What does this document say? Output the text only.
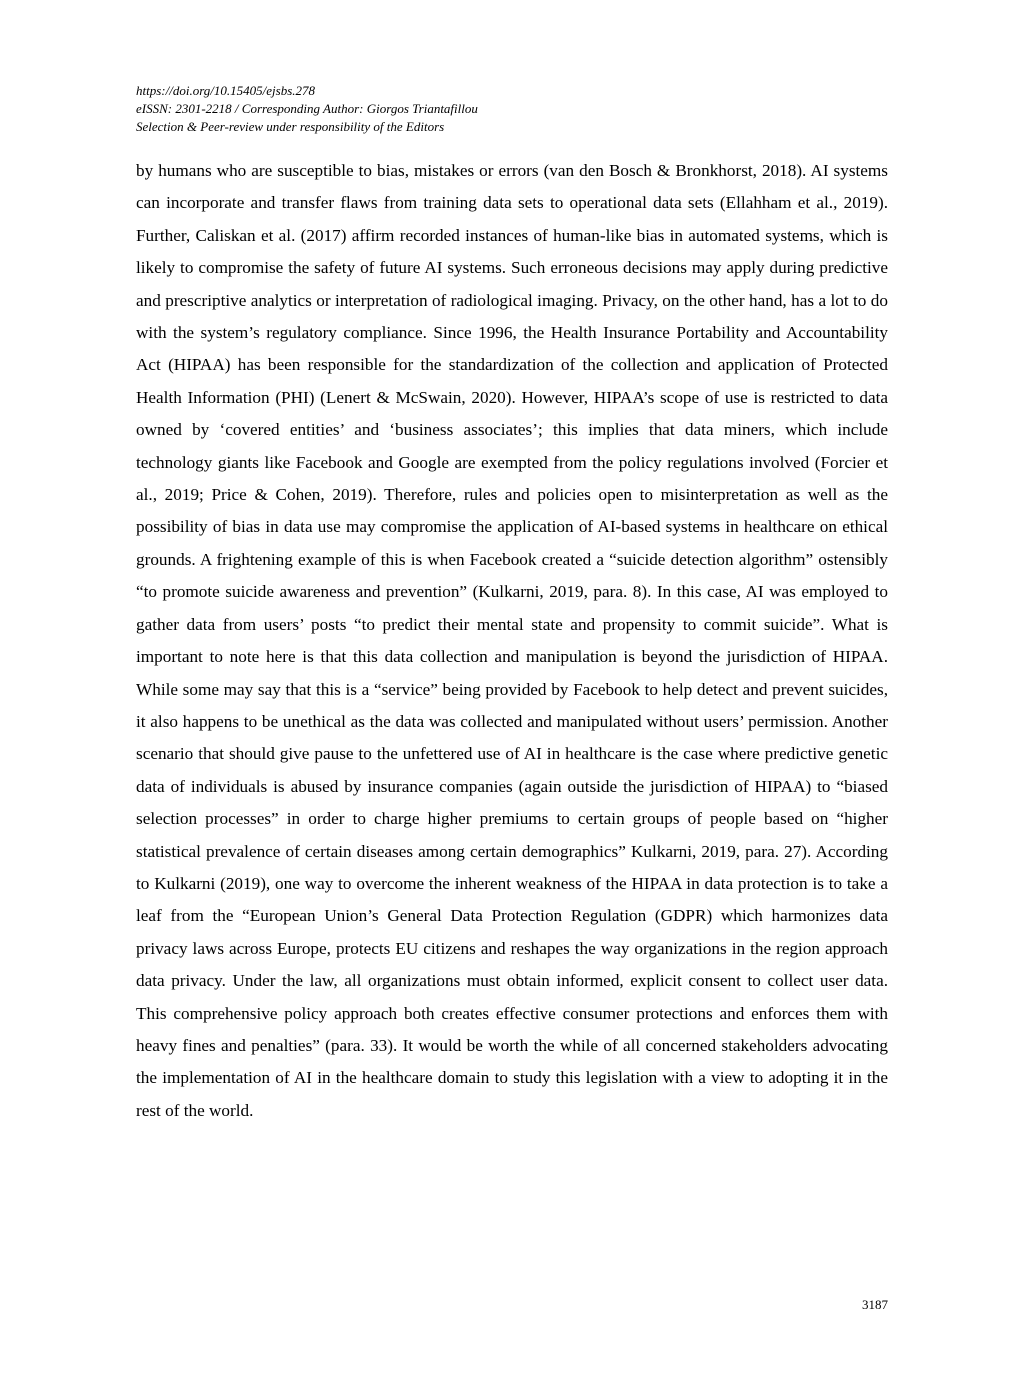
https://doi.org/10.15405/ejsbs.278
eISSN: 2301-2218 / Corresponding Author: Giorgos Triantafillou
Selection & Peer-review under responsibility of the Editors

by humans who are susceptible to bias, mistakes or errors (van den Bosch & Bronkhorst, 2018). AI systems can incorporate and transfer flaws from training data sets to operational data sets (Ellahham et al., 2019). Further, Caliskan et al. (2017) affirm recorded instances of human-like bias in automated systems, which is likely to compromise the safety of future AI systems. Such erroneous decisions may apply during predictive and prescriptive analytics or interpretation of radiological imaging. Privacy, on the other hand, has a lot to do with the system’s regulatory compliance. Since 1996, the Health Insurance Portability and Accountability Act (HIPAA) has been responsible for the standardization of the collection and application of Protected Health Information (PHI) (Lenert & McSwain, 2020). However, HIPAA’s scope of use is restricted to data owned by ‘covered entities’ and ‘business associates’; this implies that data miners, which include technology giants like Facebook and Google are exempted from the policy regulations involved (Forcier et al., 2019; Price & Cohen, 2019). Therefore, rules and policies open to misinterpretation as well as the possibility of bias in data use may compromise the application of AI-based systems in healthcare on ethical grounds. A frightening example of this is when Facebook created a “suicide detection algorithm” ostensibly “to promote suicide awareness and prevention” (Kulkarni, 2019, para. 8). In this case, AI was employed to gather data from users’ posts “to predict their mental state and propensity to commit suicide”. What is important to note here is that this data collection and manipulation is beyond the jurisdiction of HIPAA. While some may say that this is a “service” being provided by Facebook to help detect and prevent suicides, it also happens to be unethical as the data was collected and manipulated without users’ permission. Another scenario that should give pause to the unfettered use of AI in healthcare is the case where predictive genetic data of individuals is abused by insurance companies (again outside the jurisdiction of HIPAA) to “biased selection processes” in order to charge higher premiums to certain groups of people based on “higher statistical prevalence of certain diseases among certain demographics” Kulkarni, 2019, para. 27). According to Kulkarni (2019), one way to overcome the inherent weakness of the HIPAA in data protection is to take a leaf from the “European Union’s General Data Protection Regulation (GDPR) which harmonizes data privacy laws across Europe, protects EU citizens and reshapes the way organizations in the region approach data privacy. Under the law, all organizations must obtain informed, explicit consent to collect user data. This comprehensive policy approach both creates effective consumer protections and enforces them with heavy fines and penalties” (para. 33). It would be worth the while of all concerned stakeholders advocating the implementation of AI in the healthcare domain to study this legislation with a view to adopting it in the rest of the world.

3187
